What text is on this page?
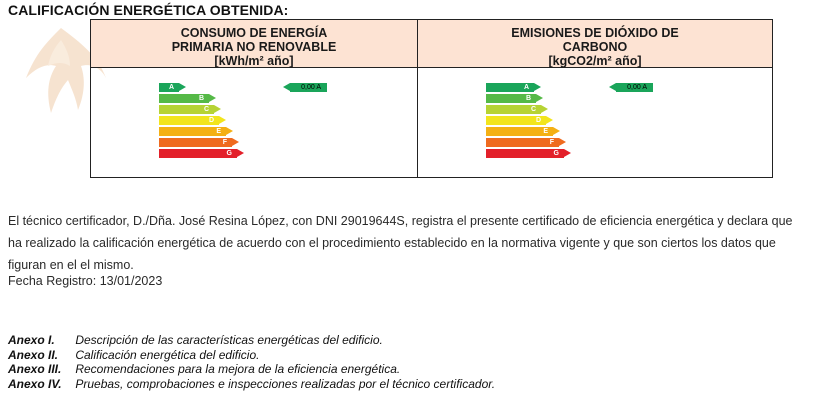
CALIFICACIÓN ENERGÉTICA OBTENIDA:
CONSUMO DE ENERGÍA
PRIMARIA NO RENOVABLE
[kWh/m² año]
A
B
C
D
E
F
G
0,00 A
EMISIONES DE DIÓXIDO DE
CARBONO
[kgCO2/m² año]
A
B
C
D
E
F
G
0,00 A
El técnico certificador, D./Dña. José Resina López, con DNI 29019644S, registra el presente certificado de eficiencia energética y declara que ha realizado la calificación energética de acuerdo con el procedimiento establecido en la normativa vigente y que son ciertos los datos que figuran en el el mismo.
Fecha Registro: 13/01/2023
Anexo I. Descripción de las características energéticas del edificio.
Anexo II. Calificación energética del edificio.
Anexo III. Recomendaciones para la mejora de la eficiencia energética.
Anexo IV. Pruebas, comprobaciones e inspecciones realizadas por el técnico certificador.
